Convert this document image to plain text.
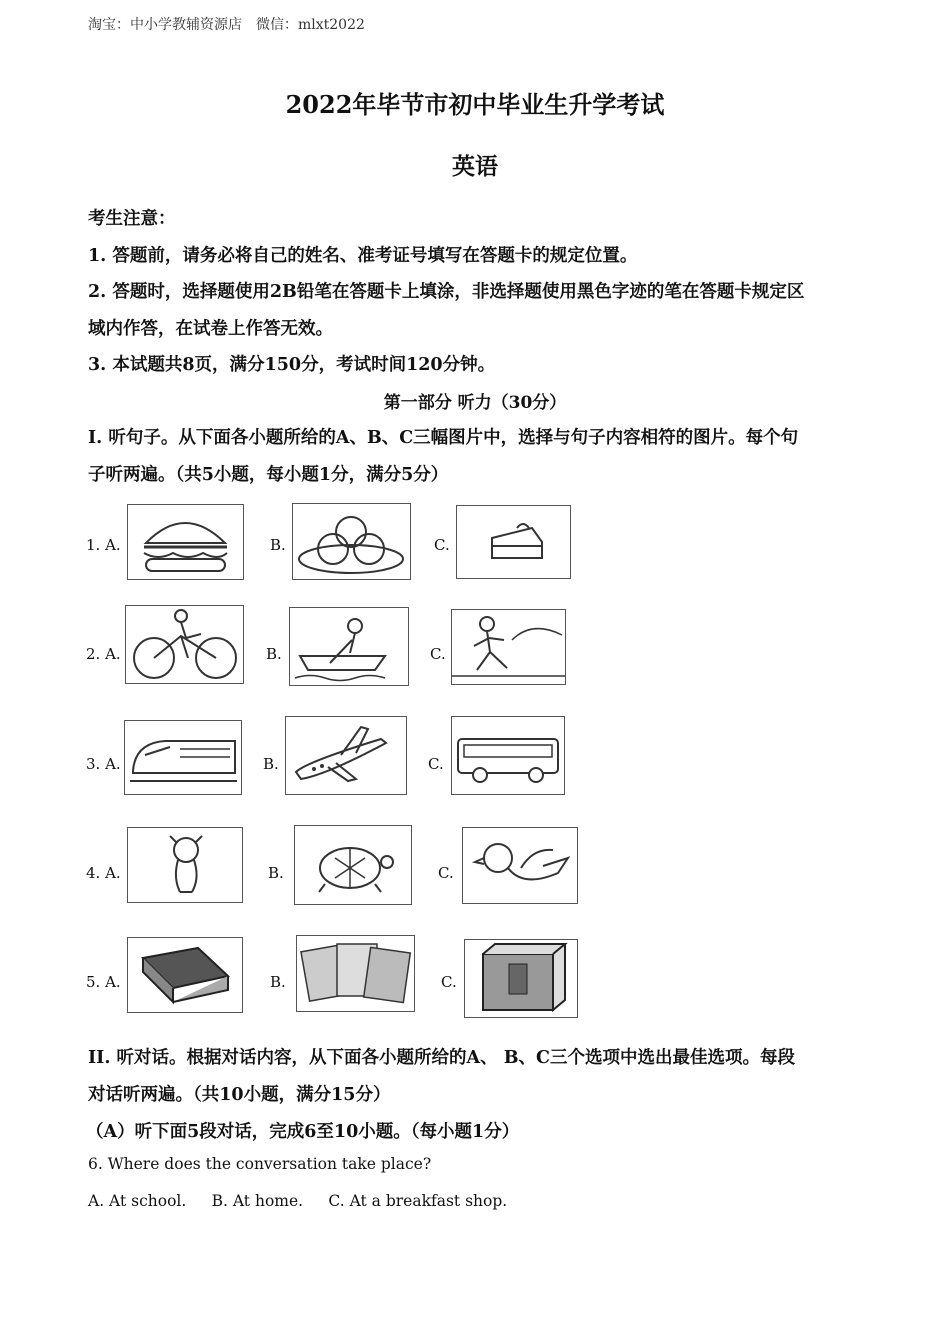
淘宝：中小学教辅资源店　微信：mlxt2022
2022年毕节市初中毕业生升学考试
英语
考生注意：
1. 答题前，请务必将自己的姓名、准考证号填写在答题卡的规定位置。
2. 答题时，选择题使用2B铅笔在答题卡上填涂，非选择题使用黑色字迹的笔在答题卡规定区
域内作答，在试卷上作答无效。
3. 本试题共8页，满分150分，考试时间120分钟。
第一部分 听力（30分）
I. 听句子。从下面各小题所给的A、B、C三幅图片中，选择与句子内容相符的图片。每个句
子听两遍。（共5小题，每小题1分，满分5分）
1. A.	B.	C.
2. A.	B.	C.
3. A.	B.	C.
4. A.	B.	C.
5. A.	B.	C.
II. 听对话。根据对话内容，从下面各小题所给的A、 B、C三个选项中选出最佳选项。每段
对话听两遍。（共10小题，满分15分）
（A）听下面5段对话，完成6至10小题。（每小题1分）
6. Where does the conversation take place?
A. At school.　  B. At home.　  C. At a breakfast shop.
